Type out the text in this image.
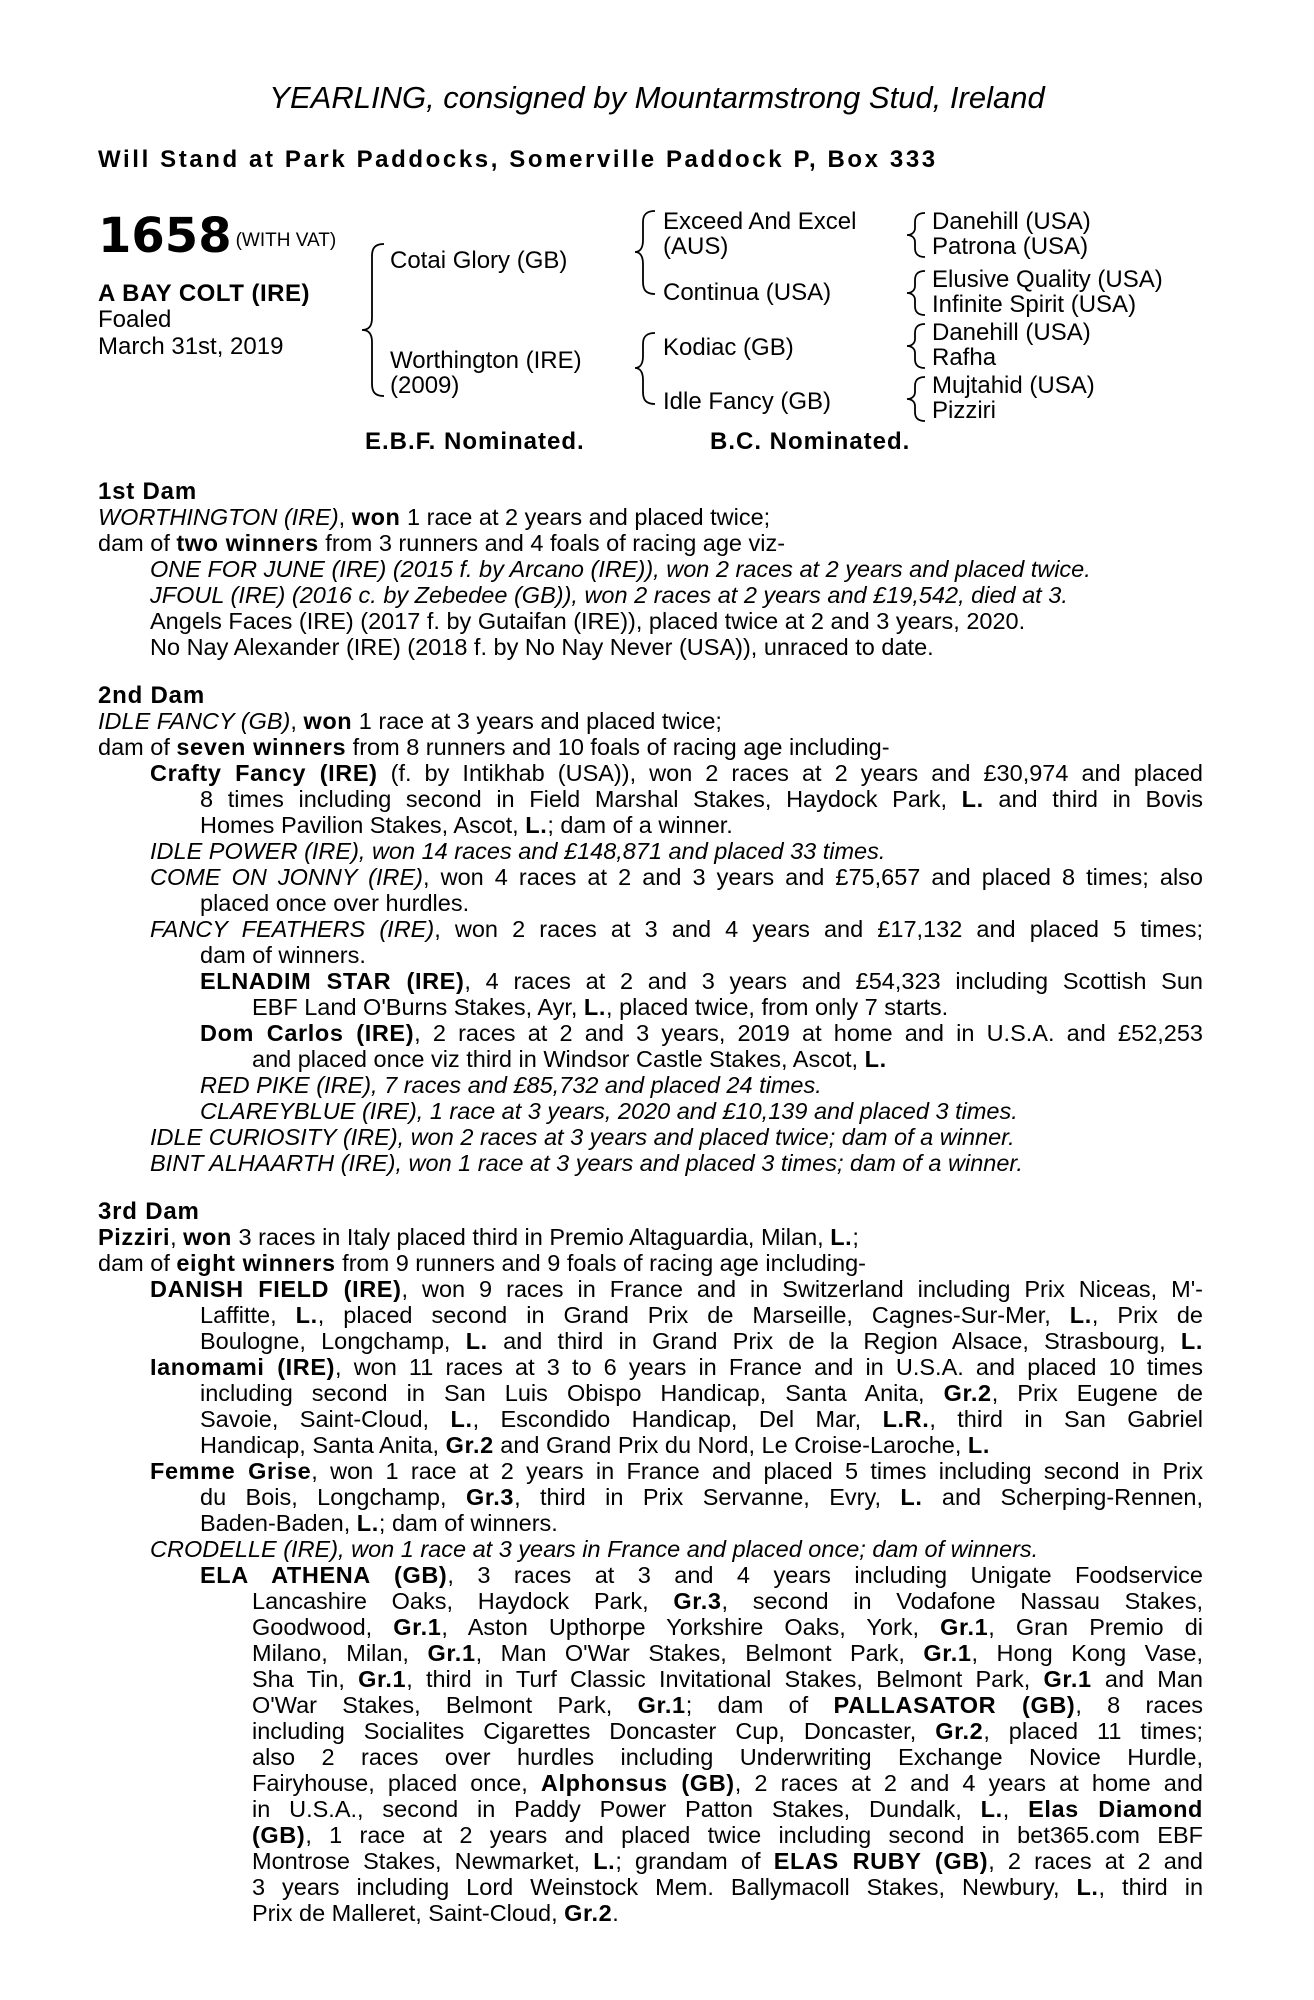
YEARLING, consigned by Mountarmstrong Stud, Ireland
Will Stand at Park Paddocks, Somerville Paddock P, Box 333
1658 (WITH VAT)
A BAY COLT (IRE)
Foaled
March 31st, 2019
Cotai Glory (GB)
Worthington (IRE)
(2009)
Exceed And Excel
(AUS)
Continua (USA)
Kodiac (GB)
Idle Fancy (GB)
Danehill (USA)
Patrona (USA)
Elusive Quality (USA)
Infinite Spirit (USA)
Danehill (USA)
Rafha
Mujtahid (USA)
Pizziri
E.B.F. Nominated.	B.C. Nominated.
1st Dam
WORTHINGTON (IRE), won 1 race at 2 years and placed twice;
dam of two winners from 3 runners and 4 foals of racing age viz-
ONE FOR JUNE (IRE) (2015 f. by Arcano (IRE)), won 2 races at 2 years and placed twice.
JFOUL (IRE) (2016 c. by Zebedee (GB)), won 2 races at 2 years and £19,542, died at 3.
Angels Faces (IRE) (2017 f. by Gutaifan (IRE)), placed twice at 2 and 3 years, 2020.
No Nay Alexander (IRE) (2018 f. by No Nay Never (USA)), unraced to date.
2nd Dam
IDLE FANCY (GB), won 1 race at 3 years and placed twice;
dam of seven winners from 8 runners and 10 foals of racing age including-
Crafty Fancy (IRE) (f. by Intikhab (USA)), won 2 races at 2 years and £30,974 and placed
8 times including second in Field Marshal Stakes, Haydock Park, L. and third in Bovis
Homes Pavilion Stakes, Ascot, L.; dam of a winner.
IDLE POWER (IRE), won 14 races and £148,871 and placed 33 times.
COME ON JONNY (IRE), won 4 races at 2 and 3 years and £75,657 and placed 8 times; also
placed once over hurdles.
FANCY FEATHERS (IRE), won 2 races at 3 and 4 years and £17,132 and placed 5 times;
dam of winners.
ELNADIM STAR (IRE), 4 races at 2 and 3 years and £54,323 including Scottish Sun
EBF Land O'Burns Stakes, Ayr, L., placed twice, from only 7 starts.
Dom Carlos (IRE), 2 races at 2 and 3 years, 2019 at home and in U.S.A. and £52,253
and placed once viz third in Windsor Castle Stakes, Ascot, L.
RED PIKE (IRE), 7 races and £85,732 and placed 24 times.
CLAREYBLUE (IRE), 1 race at 3 years, 2020 and £10,139 and placed 3 times.
IDLE CURIOSITY (IRE), won 2 races at 3 years and placed twice; dam of a winner.
BINT ALHAARTH (IRE), won 1 race at 3 years and placed 3 times; dam of a winner.
3rd Dam
Pizziri, won 3 races in Italy placed third in Premio Altaguardia, Milan, L.;
dam of eight winners from 9 runners and 9 foals of racing age including-
DANISH FIELD (IRE), won 9 races in France and in Switzerland including Prix Niceas, M'-
Laffitte, L., placed second in Grand Prix de Marseille, Cagnes-Sur-Mer, L., Prix de
Boulogne, Longchamp, L. and third in Grand Prix de la Region Alsace, Strasbourg, L.
Ianomami (IRE), won 11 races at 3 to 6 years in France and in U.S.A. and placed 10 times
including second in San Luis Obispo Handicap, Santa Anita, Gr.2, Prix Eugene de
Savoie, Saint-Cloud, L., Escondido Handicap, Del Mar, L.R., third in San Gabriel
Handicap, Santa Anita, Gr.2 and Grand Prix du Nord, Le Croise-Laroche, L.
Femme Grise, won 1 race at 2 years in France and placed 5 times including second in Prix
du Bois, Longchamp, Gr.3, third in Prix Servanne, Evry, L. and Scherping-Rennen,
Baden-Baden, L.; dam of winners.
CRODELLE (IRE), won 1 race at 3 years in France and placed once; dam of winners.
ELA ATHENA (GB), 3 races at 3 and 4 years including Unigate Foodservice
Lancashire Oaks, Haydock Park, Gr.3, second in Vodafone Nassau Stakes,
Goodwood, Gr.1, Aston Upthorpe Yorkshire Oaks, York, Gr.1, Gran Premio di
Milano, Milan, Gr.1, Man O'War Stakes, Belmont Park, Gr.1, Hong Kong Vase,
Sha Tin, Gr.1, third in Turf Classic Invitational Stakes, Belmont Park, Gr.1 and Man
O'War Stakes, Belmont Park, Gr.1; dam of PALLASATOR (GB), 8 races
including Socialites Cigarettes Doncaster Cup, Doncaster, Gr.2, placed 11 times;
also 2 races over hurdles including Underwriting Exchange Novice Hurdle,
Fairyhouse, placed once, Alphonsus (GB), 2 races at 2 and 4 years at home and
in U.S.A., second in Paddy Power Patton Stakes, Dundalk, L., Elas Diamond
(GB), 1 race at 2 years and placed twice including second in bet365.com EBF
Montrose Stakes, Newmarket, L.; grandam of ELAS RUBY (GB), 2 races at 2 and
3 years including Lord Weinstock Mem. Ballymacoll Stakes, Newbury, L., third in
Prix de Malleret, Saint-Cloud, Gr.2.
